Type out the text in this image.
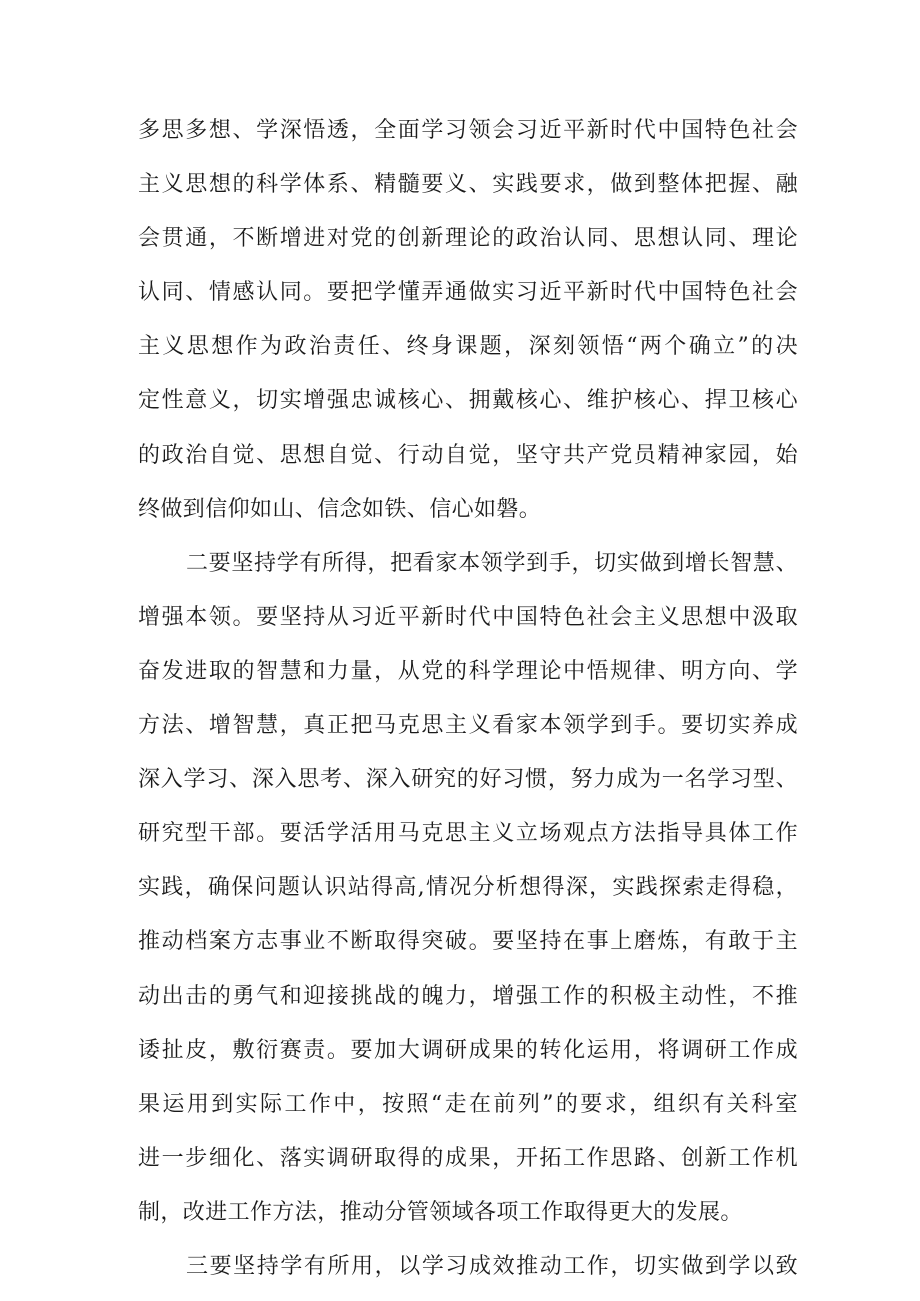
多思多想、学深悟透，全面学习领会习近平新时代中国特色社会
主义思想的科学体系、精髓要义、实践要求，做到整体把握、融
会贯通，不断增进对党的创新理论的政治认同、思想认同、理论
认同、情感认同。要把学懂弄通做实习近平新时代中国特色社会
主义思想作为政治责任、终身课题，深刻领悟“两个确立”的决
定性意义，切实增强忠诚核心、拥戴核心、维护核心、捍卫核心
的政治自觉、思想自觉、行动自觉，坚守共产党员精神家园，始
终做到信仰如山、信念如铁、信心如磐。
二要坚持学有所得，把看家本领学到手，切实做到增长智慧、
增强本领。要坚持从习近平新时代中国特色社会主义思想中汲取
奋发进取的智慧和力量，从党的科学理论中悟规律、明方向、学
方法、增智慧，真正把马克思主义看家本领学到手。要切实养成
深入学习、深入思考、深入研究的好习惯，努力成为一名学习型、
研究型干部。要活学活用马克思主义立场观点方法指导具体工作
实践，确保问题认识站得高,情况分析想得深，实践探索走得稳，
推动档案方志事业不断取得突破。要坚持在事上磨炼，有敢于主
动出击的勇气和迎接挑战的魄力，增强工作的积极主动性，不推
诿扯皮，敷衍赛责。要加大调研成果的转化运用，将调研工作成
果运用到实际工作中，按照“走在前列”的要求，组织有关科室
进一步细化、落实调研取得的成果，开拓工作思路、创新工作机
制，改进工作方法，推动分管领域各项工作取得更大的发展。
三要坚持学有所用，以学习成效推动工作，切实做到学以致
